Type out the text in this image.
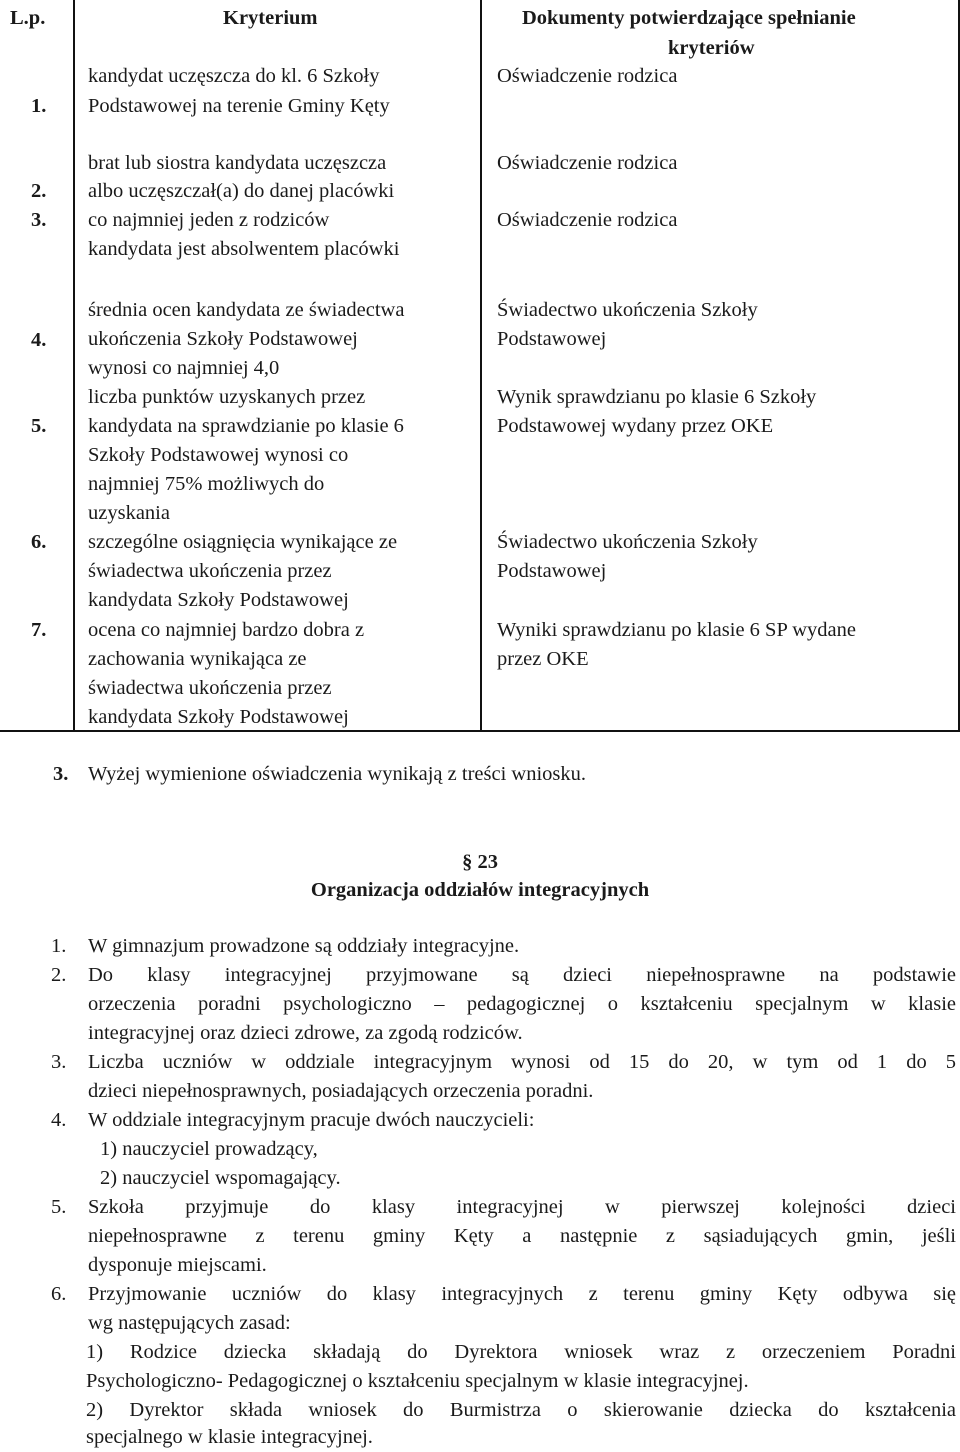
L.p.	Kryterium	Dokumenty potwierdzające spełnianie
kryteriów
1.
kandydat uczęszcza do kl. 6 Szkoły
Podstawowej na terenie Gminy Kęty
Oświadczenie rodzica
2.
brat lub siostra kandydata uczęszcza
albo uczęszczał(a) do danej placówki
Oświadczenie rodzica
3. co najmniej jeden z rodziców
kandydata jest absolwentem placówki
Oświadczenie rodzica
4.
średnia ocen kandydata ze świadectwa
ukończenia Szkoły Podstawowej
wynosi co najmniej 4,0
Świadectwo ukończenia Szkoły
Podstawowej
5.
liczba punktów uzyskanych przez
kandydata na sprawdzianie po klasie 6
Szkoły Podstawowej wynosi co
najmniej 75% możliwych do
uzyskania
Wynik sprawdzianu po klasie 6 Szkoły
Podstawowej wydany przez OKE
6. szczególne osiągnięcia wynikające ze
świadectwa ukończenia przez
kandydata Szkoły Podstawowej
Świadectwo ukończenia Szkoły
Podstawowej
7. ocena co najmniej bardzo dobra z
zachowania wynikająca ze
świadectwa ukończenia przez
kandydata Szkoły Podstawowej
Wyniki sprawdzianu po klasie 6 SP wydane
przez OKE
3. Wyżej wymienione oświadczenia wynikają z treści wniosku.
§ 23
Organizacja oddziałów integracyjnych
1. W gimnazjum prowadzone są oddziały integracyjne.
2. Do klasy integracyjnej przyjmowane są dzieci niepełnosprawne na podstawie
orzeczenia poradni psychologiczno – pedagogicznej o kształceniu specjalnym w klasie
integracyjnej oraz dzieci zdrowe, za zgodą rodziców.
3. Liczba uczniów w oddziale integracyjnym wynosi od 15 do 20, w tym od 1 do 5
dzieci niepełnosprawnych, posiadających orzeczenia poradni.
4. W oddziale integracyjnym pracuje dwóch nauczycieli:
1) nauczyciel prowadzący,
2) nauczyciel wspomagający.
5. Szkoła przyjmuje do klasy integracyjnej w pierwszej kolejności dzieci
niepełnosprawne z terenu gminy Kęty a następnie z sąsiadujących gmin, jeśli
dysponuje miejscami.
6. Przyjmowanie uczniów do klasy integracyjnych z terenu gminy Kęty odbywa się
wg następujących zasad:
1) Rodzice dziecka składają do Dyrektora wniosek wraz z orzeczeniem Poradni
Psychologiczno- Pedagogicznej o kształceniu specjalnym w klasie integracyjnej.
2) Dyrektor składa wniosek do Burmistrza o skierowanie dziecka do kształcenia
specjalnego w klasie integracyjnej.
